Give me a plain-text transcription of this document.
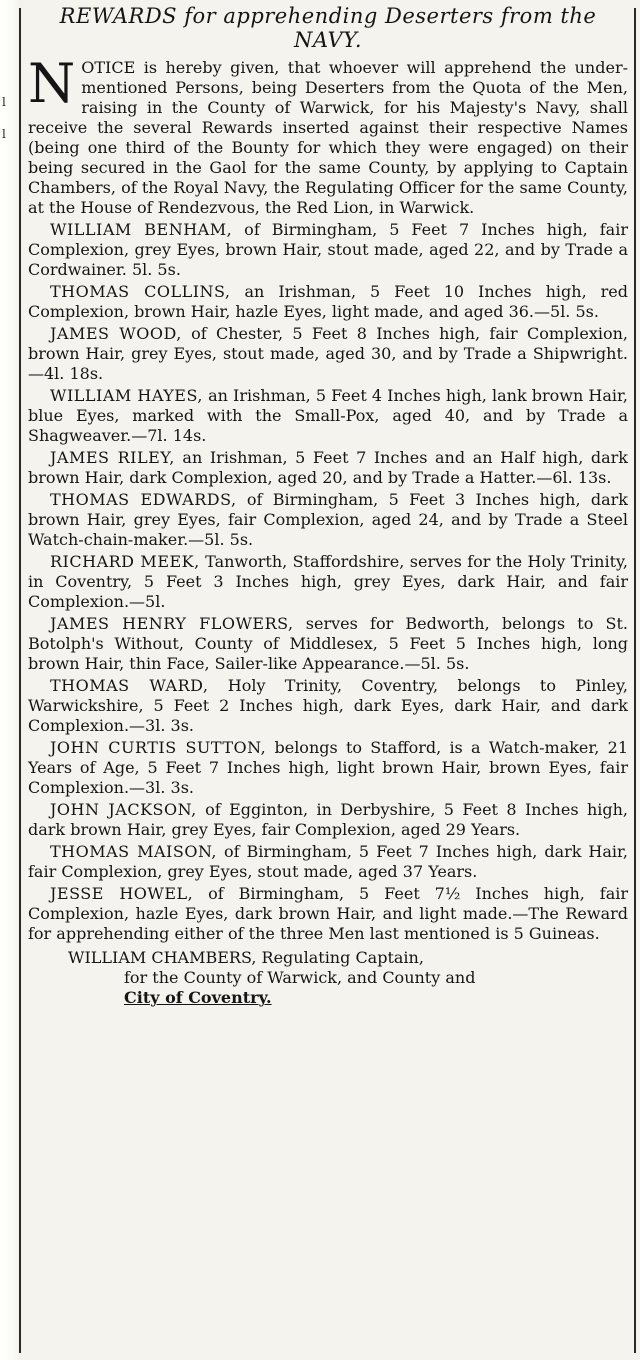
l
l

REWARDS for apprehending Deserters from the

NAVY.

NOTICE is hereby given, that whoever will apprehend the under-mentioned Persons, being Deserters from the Quota of the Men, raising in the County of Warwick, for his Majesty's Navy, shall receive the several Rewards inserted against their respective Names (being one third of the Bounty for which they were engaged) on their being secured in the Gaol for the same County, by applying to Captain Chambers, of the Royal Navy, the Regulating Officer for the same County, at the House of Rendezvous, the Red Lion, in Warwick.

WILLIAM BENHAM, of Birmingham, 5 Feet 7 Inches high, fair Complexion, grey Eyes, brown Hair, stout made, aged 22, and by Trade a Cordwainer. 5l. 5s.

THOMAS COLLINS, an Irishman, 5 Feet 10 Inches high, red Complexion, brown Hair, hazle Eyes, light made, and aged 36.—5l. 5s.

JAMES WOOD, of Chester, 5 Feet 8 Inches high, fair Complexion, brown Hair, grey Eyes, stout made, aged 30, and by Trade a Shipwright.—4l. 18s.

WILLIAM HAYES, an Irishman, 5 Feet 4 Inches high, lank brown Hair, blue Eyes, marked with the Small-Pox, aged 40, and by Trade a Shagweaver.—7l. 14s.

JAMES RILEY, an Irishman, 5 Feet 7 Inches and an Half high, dark brown Hair, dark Complexion, aged 20, and by Trade a Hatter.—6l. 13s.

THOMAS EDWARDS, of Birmingham, 5 Feet 3 Inches high, dark brown Hair, grey Eyes, fair Complexion, aged 24, and by Trade a Steel Watch-chain-maker.—5l. 5s.

RICHARD MEEK, Tanworth, Staffordshire, serves for the Holy Trinity, in Coventry, 5 Feet 3 Inches high, grey Eyes, dark Hair, and fair Complexion.—5l.

JAMES HENRY FLOWERS, serves for Bedworth, belongs to St. Botolph's Without, County of Middlesex, 5 Feet 5 Inches high, long brown Hair, thin Face, Sailer-like Appearance.—5l. 5s.

THOMAS WARD, Holy Trinity, Coventry, belongs to Pinley, Warwickshire, 5 Feet 2 Inches high, dark Eyes, dark Hair, and dark Complexion.—3l. 3s.

JOHN CURTIS SUTTON, belongs to Stafford, is a Watch-maker, 21 Years of Age, 5 Feet 7 Inches high, light brown Hair, brown Eyes, fair Complexion.—3l. 3s.

JOHN JACKSON, of Egginton, in Derbyshire, 5 Feet 8 Inches high, dark brown Hair, grey Eyes, fair Complexion, aged 29 Years.

THOMAS MAISON, of Birmingham, 5 Feet 7 Inches high, dark Hair, fair Complexion, grey Eyes, stout made, aged 37 Years.

JESSE HOWEL, of Birmingham, 5 Feet 7½ Inches high, fair Complexion, hazle Eyes, dark brown Hair, and light made.—The Reward for apprehending either of the three Men last mentioned is 5 Guineas.

WILLIAM CHAMBERS, Regulating Captain,

for the County of Warwick, and County and

City of Coventry.
